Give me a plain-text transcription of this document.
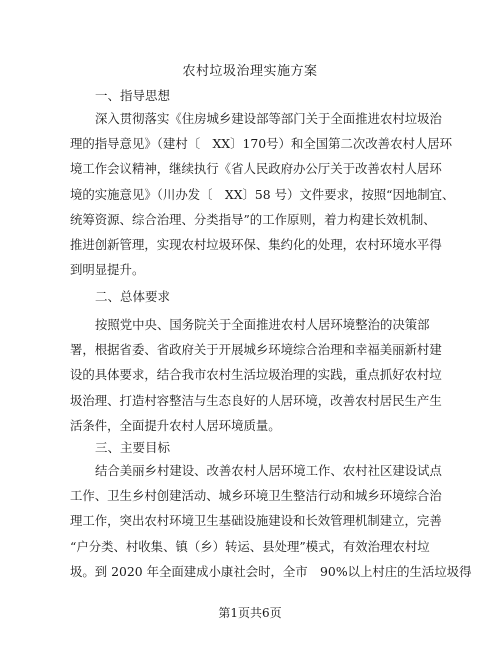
农村垃圾治理实施方案
一、指导思想
深入贯彻落实《住房城乡建设部等部门关于全面推进农村垃圾治
理的指导意见》（建村〔　XX〕170号）和全国第二次改善农村人居环
境工作会议精神，继续执行《省人民政府办公厅关于改善农村人居环
境的实施意见》（川办发〔　XX〕58 号）文件要求，按照“因地制宜、
统筹资源、综合治理、分类指导”的工作原则，着力构建长效机制、
推进创新管理，实现农村垃圾环保、集约化的处理，农村环境水平得
到明显提升。
二、总体要求
按照党中央、国务院关于全面推进农村人居环境整治的决策部
署，根据省委、省政府关于开展城乡环境综合治理和幸福美丽新村建
设的具体要求，结合我市农村生活垃圾治理的实践，重点抓好农村垃
圾治理、打造村容整洁与生态良好的人居环境，改善农村居民生产生
活条件，全面提升农村人居环境质量。
三、主要目标
结合美丽乡村建设、改善农村人居环境工作、农村社区建设试点
工作、卫生乡村创建活动、城乡环境卫生整洁行动和城乡环境综合治
理工作，突出农村环境卫生基础设施建设和长效管理机制建立，完善
“户分类、村收集、镇（乡）转运、县处理”模式，有效治理农村垃
圾。到 2020 年全面建成小康社会时，全市　90%以上村庄的生活垃圾得
第1页共6页
